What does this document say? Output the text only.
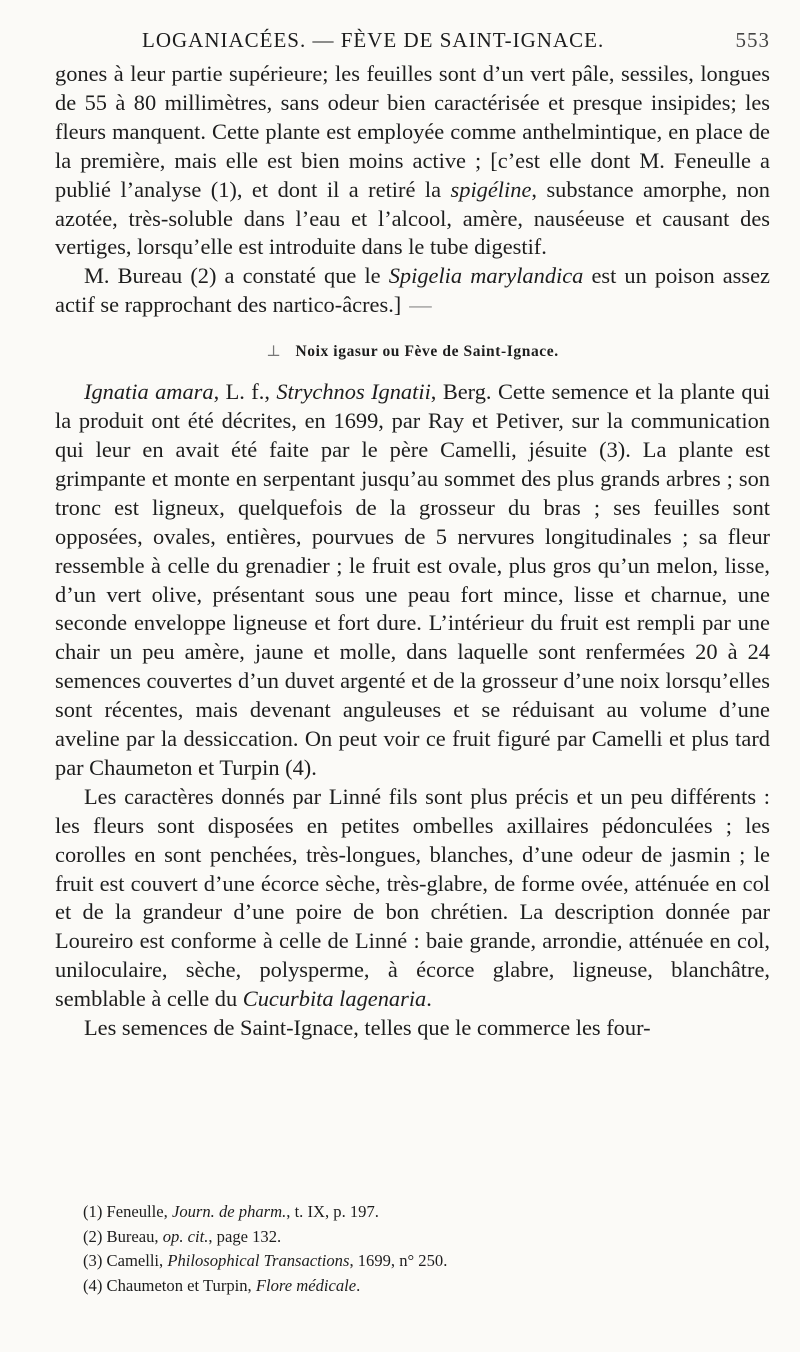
LOGANIACÉES. — FÈVE DE SAINT-IGNACE.	553

gones à leur partie supérieure; les feuilles sont d’un vert pâle, sessiles, longues de 55 à 80 millimètres, sans odeur bien caractérisée et presque insipides; les fleurs manquent. Cette plante est employée comme anthelmintique, en place de la première, mais elle est bien moins active ; [c’est elle dont M. Feneulle a publié l’analyse (1), et dont il a retiré la spigéline, substance amorphe, non azotée, très-soluble dans l’eau et l’alcool, amère, nauséeuse et causant des vertiges, lorsqu’elle est introduite dans le tube digestif.

M. Bureau (2) a constaté que le Spigelia marylandica est un poison assez actif se rapprochant des nartico-âcres.] —

⊥ Noix igasur ou Fève de Saint-Ignace.

Ignatia amara, L. f., Strychnos Ignatii, Berg. Cette semence et la plante qui la produit ont été décrites, en 1699, par Ray et Petiver, sur la communication qui leur en avait été faite par le père Camelli, jésuite (3). La plante est grimpante et monte en serpentant jusqu’au sommet des plus grands arbres ; son tronc est ligneux, quelquefois de la grosseur du bras ; ses feuilles sont opposées, ovales, entières, pourvues de 5 nervures longitudinales ; sa fleur ressemble à celle du grenadier ; le fruit est ovale, plus gros qu’un melon, lisse, d’un vert olive, présentant sous une peau fort mince, lisse et charnue, une seconde enveloppe ligneuse et fort dure. L’intérieur du fruit est rempli par une chair un peu amère, jaune et molle, dans laquelle sont renfermées 20 à 24 semences couvertes d’un duvet argenté et de la grosseur d’une noix lorsqu’elles sont récentes, mais devenant anguleuses et se réduisant au volume d’une aveline par la dessiccation. On peut voir ce fruit figuré par Camelli et plus tard par Chaumeton et Turpin (4).

Les caractères donnés par Linné fils sont plus précis et un peu différents : les fleurs sont disposées en petites ombelles axillaires pédonculées ; les corolles en sont penchées, très-longues, blanches, d’une odeur de jasmin ; le fruit est couvert d’une écorce sèche, très-glabre, de forme ovée, atténuée en col et de la grandeur d’une poire de bon chrétien. La description donnée par Loureiro est conforme à celle de Linné : baie grande, arrondie, atténuée en col, uniloculaire, sèche, polysperme, à écorce glabre, ligneuse, blanchâtre, semblable à celle du Cucurbita lagenaria.

Les semences de Saint-Ignace, telles que le commerce les four-

(1) Feneulle, Journ. de pharm., t. IX, p. 197.
(2) Bureau, op. cit., page 132.
(3) Camelli, Philosophical Transactions, 1699, n° 250.
(4) Chaumeton et Turpin, Flore médicale.
